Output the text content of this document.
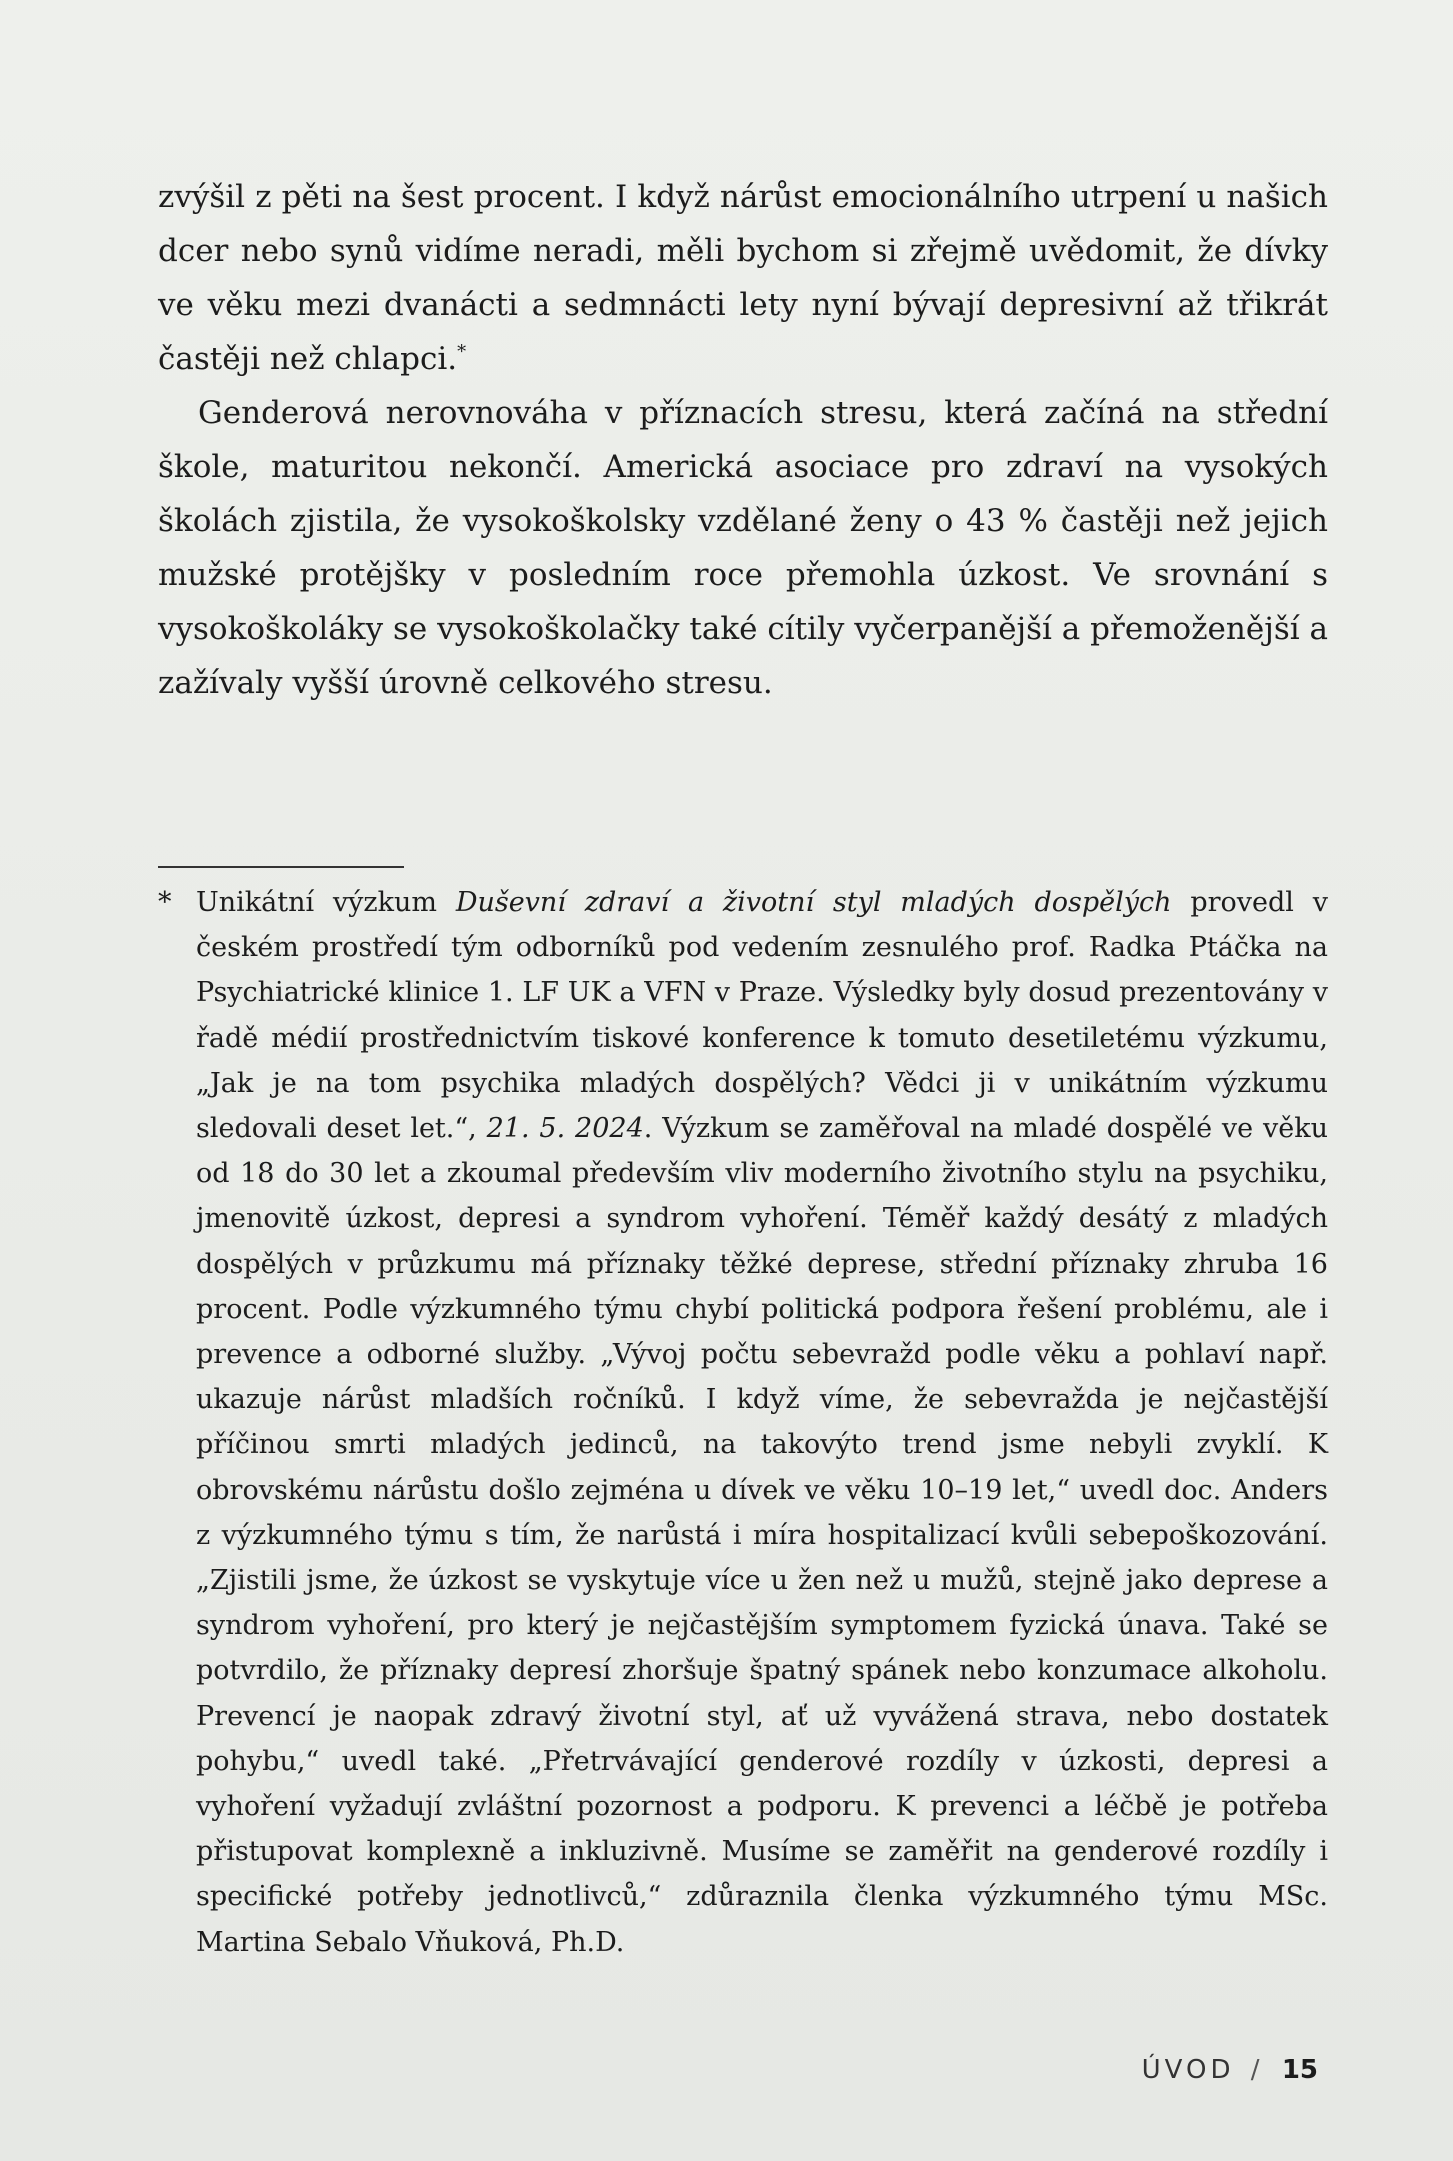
zvýšil z pěti na šest procent. I když nárůst emocionálního utrpení u našich dcer nebo synů vidíme neradi, měli bychom si zřejmě uvědomit, že dívky ve věku mezi dvanácti a sedmnácti lety nyní bývají depresivní až třikrát častěji než chlapci.*

Genderová nerovnováha v příznacích stresu, která začíná na střední škole, maturitou nekončí. Americká asociace pro zdraví na vysokých školách zjistila, že vysokoškolsky vzdělané ženy o 43 % častěji než jejich mužské protějšky v posledním roce přemohla úzkost. Ve srovnání s vysokoškoláky se vysokoškolačky také cítily vyčerpanější a přemoženější a zažívaly vyšší úrovně celkového stresu.

* Unikátní výzkum Duševní zdraví a životní styl mladých dospělých provedl v českém prostředí tým odborníků pod vedením zesnulého prof. Radka Ptáčka na Psychiatrické klinice 1. LF UK a VFN v Praze. Výsledky byly dosud prezentovány v řadě médií prostřednictvím tiskové konference k tomuto desetiletému výzkumu, „Jak je na tom psychika mladých dospělých? Vědci ji v unikátním výzkumu sledovali deset let.“, 21. 5. 2024. Výzkum se zaměřoval na mladé dospělé ve věku od 18 do 30 let a zkoumal především vliv moderního životního stylu na psychiku, jmenovitě úzkost, depresi a syndrom vyhoření. Téměř každý desátý z mladých dospělých v průzkumu má příznaky těžké deprese, střední příznaky zhruba 16 procent. Podle výzkumného týmu chybí politická podpora řešení problému, ale i prevence a odborné služby. „Vývoj počtu sebevražd podle věku a pohlaví např. ukazuje nárůst mladších ročníků. I když víme, že sebevražda je nejčastější příčinou smrti mladých jedinců, na takovýto trend jsme nebyli zvyklí. K obrovskému nárůstu došlo zejména u dívek ve věku 10–19 let,“ uvedl doc. Anders z výzkumného týmu s tím, že narůstá i míra hospitalizací kvůli sebepoškozování. „Zjistili jsme, že úzkost se vyskytuje více u žen než u mužů, stejně jako deprese a syndrom vyhoření, pro který je nejčastějším symptomem fyzická únava. Také se potvrdilo, že příznaky depresí zhoršuje špatný spánek nebo konzumace alkoholu. Prevencí je naopak zdravý životní styl, ať už vyvážená strava, nebo dostatek pohybu,“ uvedl také. „Přetrvávající genderové rozdíly v úzkosti, depresi a vyhoření vyžadují zvláštní pozornost a podporu. K prevenci a léčbě je potřeba přistupovat komplexně a inkluzivně. Musíme se zaměřit na genderové rozdíly i specifické potřeby jednotlivců,“ zdůraznila členka výzkumného týmu MSc. Martina Sebalo Vňuková, Ph.D.
ÚVOD / 15
